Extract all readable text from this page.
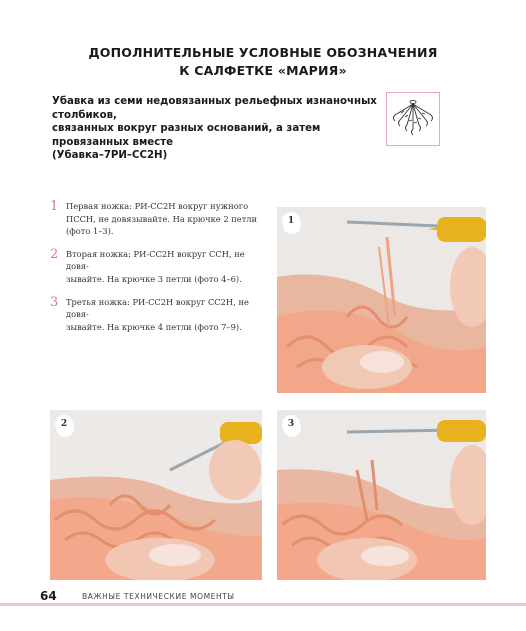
ДОПОЛНИТЕЛЬНЫЕ УСЛОВНЫЕ ОБОЗНАЧЕНИЯ
К САЛФЕТКЕ «МАРИЯ»
Убавка из семи недовязанных рельефных изнаночных столбиков,
связанных вокруг разных оснований, а затем провязанных вместе
(Убавка–7РИ–СС2Н)
1 Первая ножка: РИ-СС2Н вокруг нужного
ПССН, не довязывайте. На крючке 2 петли
(фото 1–3).
2 Вторая ножка: РИ-СС2Н вокруг ССН, не довя-
зывайте. На крючке 3 петли (фото 4–6).
3 Третья ножка: РИ-СС2Н вокруг СС2Н, не довя-
зывайте. На крючке 4 петли (фото 7–9).
1
2	3
64	ВАЖНЫЕ ТЕХНИЧЕСКИЕ МОМЕНТЫ
